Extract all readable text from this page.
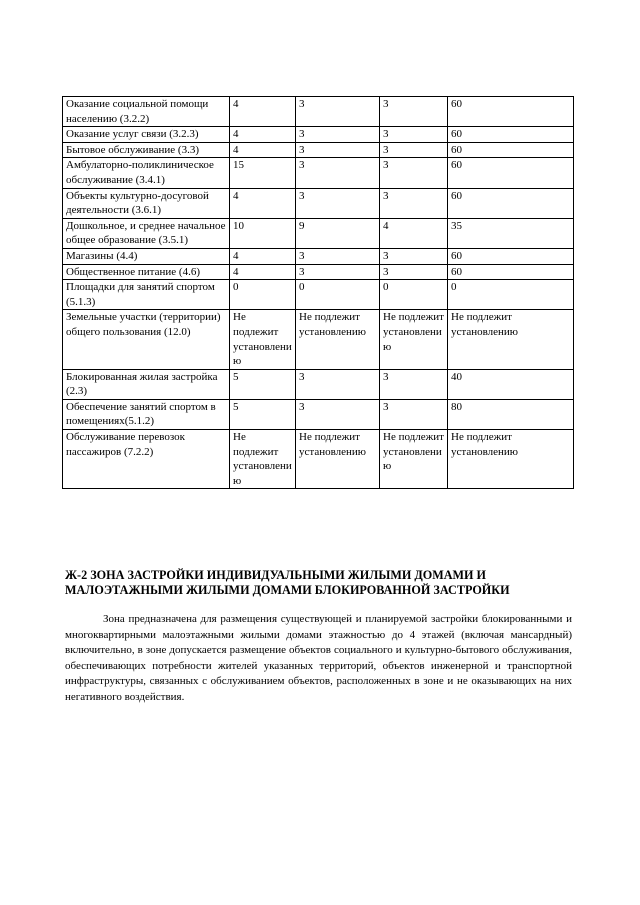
Оказание социальной помощи населению (3.2.2)	4	3	3	60
Оказание услуг связи (3.2.3)	4	3	3	60
Бытовое обслуживание (3.3)	4	3	3	60
Амбулаторно-поликлиническое обслуживание (3.4.1)	15	3	3	60
Объекты культурно-досуговой деятельности (3.6.1)	4	3	3	60
Дошкольное, и среднее начальное общее образование (3.5.1)	10	9	4	35
Магазины (4.4)	4	3	3	60
Общественное питание (4.6)	4	3	3	60
Площадки для занятий спортом (5.1.3)	0	0	0	0
Земельные участки (территории) общего пользования (12.0)	Не подлежит установлению	Не подлежит установлению	Не подлежит установлению	Не подлежит установлению
Блокированная жилая застройка (2.3)	5	3	3	40
Обеспечение занятий спортом в помещениях(5.1.2)	5	3	3	80
Обслуживание перевозок пассажиров (7.2.2)	Не подлежит установлению	Не подлежит установлению	Не подлежит установлению	Не подлежит установлению
Ж-2 ЗОНА ЗАСТРОЙКИ ИНДИВИДУАЛЬНЫМИ ЖИЛЫМИ ДОМАМИ И МАЛОЭТАЖНЫМИ ЖИЛЫМИ ДОМАМИ БЛОКИРОВАННОЙ ЗАСТРОЙКИ
Зона предназначена для размещения существующей и планируемой застройки блокированными и многоквартирными малоэтажными жилыми домами этажностью до 4 этажей (включая мансардный) включительно, в зоне допускается размещение объектов социального и культурно-бытового обслуживания, обеспечивающих потребности жителей указанных территорий, объектов инженерной и транспортной инфраструктуры, связанных с обслуживанием объектов, расположенных в зоне и не оказывающих на них негативного воздействия.
